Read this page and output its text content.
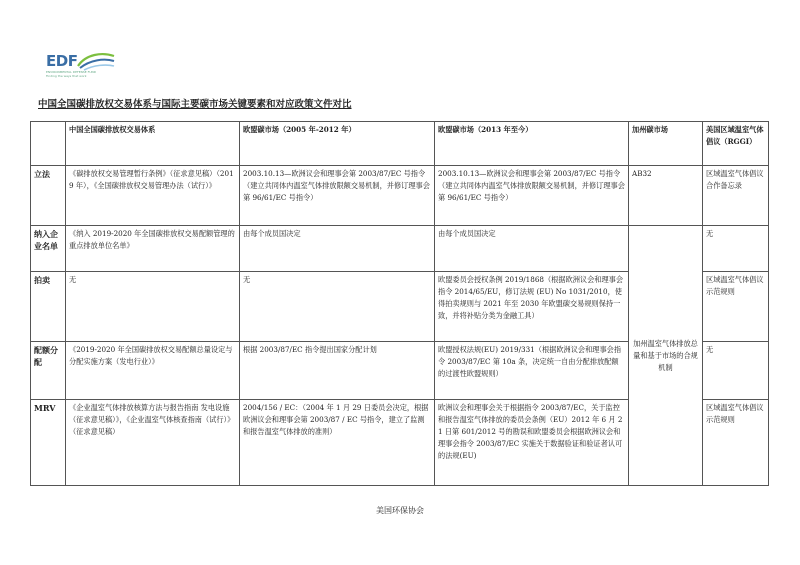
EDF
ENVIRONMENTAL DEFENSE FUND
Finding the ways that work
中国全国碳排放权交易体系与国际主要碳市场关键要素和对应政策文件对比
	中国全国碳排放权交易体系	欧盟碳市场（2005 年-2012 年）	欧盟碳市场（2013 年至今）	加州碳市场	美国区域温室气体倡议（RGGI）
立法	《碳排放权交易管理暂行条例》（征求意见稿）（2019 年），《全国碳排放权交易管理办法（试行）》	2003.10.13—欧洲议会和理事会第 2003/87/EC 号指令（建立共同体内温室气体排放限额交易机制，并修订理事会第 96/61/EC 号指令）	2003.10.13—欧洲议会和理事会第 2003/87/EC 号指令（建立共同体内温室气体排放限额交易机制，并修订理事会第 96/61/EC 号指令）	AB32	区域温室气体倡议合作备忘录
纳入企业名单	《纳入 2019-2020 年全国碳排放权交易配额管理的重点排放单位名单》	由每个成员国决定	由每个成员国决定	加州温室气体排放总量和基于市场的合规机制	无
拍卖	无	无	欧盟委员会授权条例 2019/1868（根据欧洲议会和理事会指令 2014/65/EU，修订法规 (EU) No 1031/2010，使得拍卖规则与 2021 年至 2030 年欧盟碳交易规则保持一致，并将补贴分类为金融工具）		区域温室气体倡议示范规则
配额分配	《2019-2020 年全国碳排放权交易配额总量设定与分配实施方案（发电行业）》	根据 2003/87/EC 指令提出国家分配计划	欧盟授权法规(EU) 2019/331（根据欧洲议会和理事会指令 2003/87/EC 第 10a 条，决定统一自由分配排放配额的过渡性欧盟规则）		无
MRV	《企业温室气体排放核算方法与报告指南 发电设施（征求意见稿）》，《企业温室气体核查指南（试行）》（征求意见稿）	2004/156 / EC：（2004 年 1 月 29 日委员会决定，根据欧洲议会和理事会第 2003/87 / EC 号指令，建立了监测和报告温室气体排放的准则）	欧洲议会和理事会关于根据指令 2003/87/EC，关于监控和报告温室气体排放的委员会条例（EU）2012 年 6 月 21 日第 601/2012 号的勘误和欧盟委员会根据欧洲议会和理事会指令 2003/87/EC 实施关于数据验证和验证者认可的法规(EU)		区域温室气体倡议示范规则
美国环保协会
